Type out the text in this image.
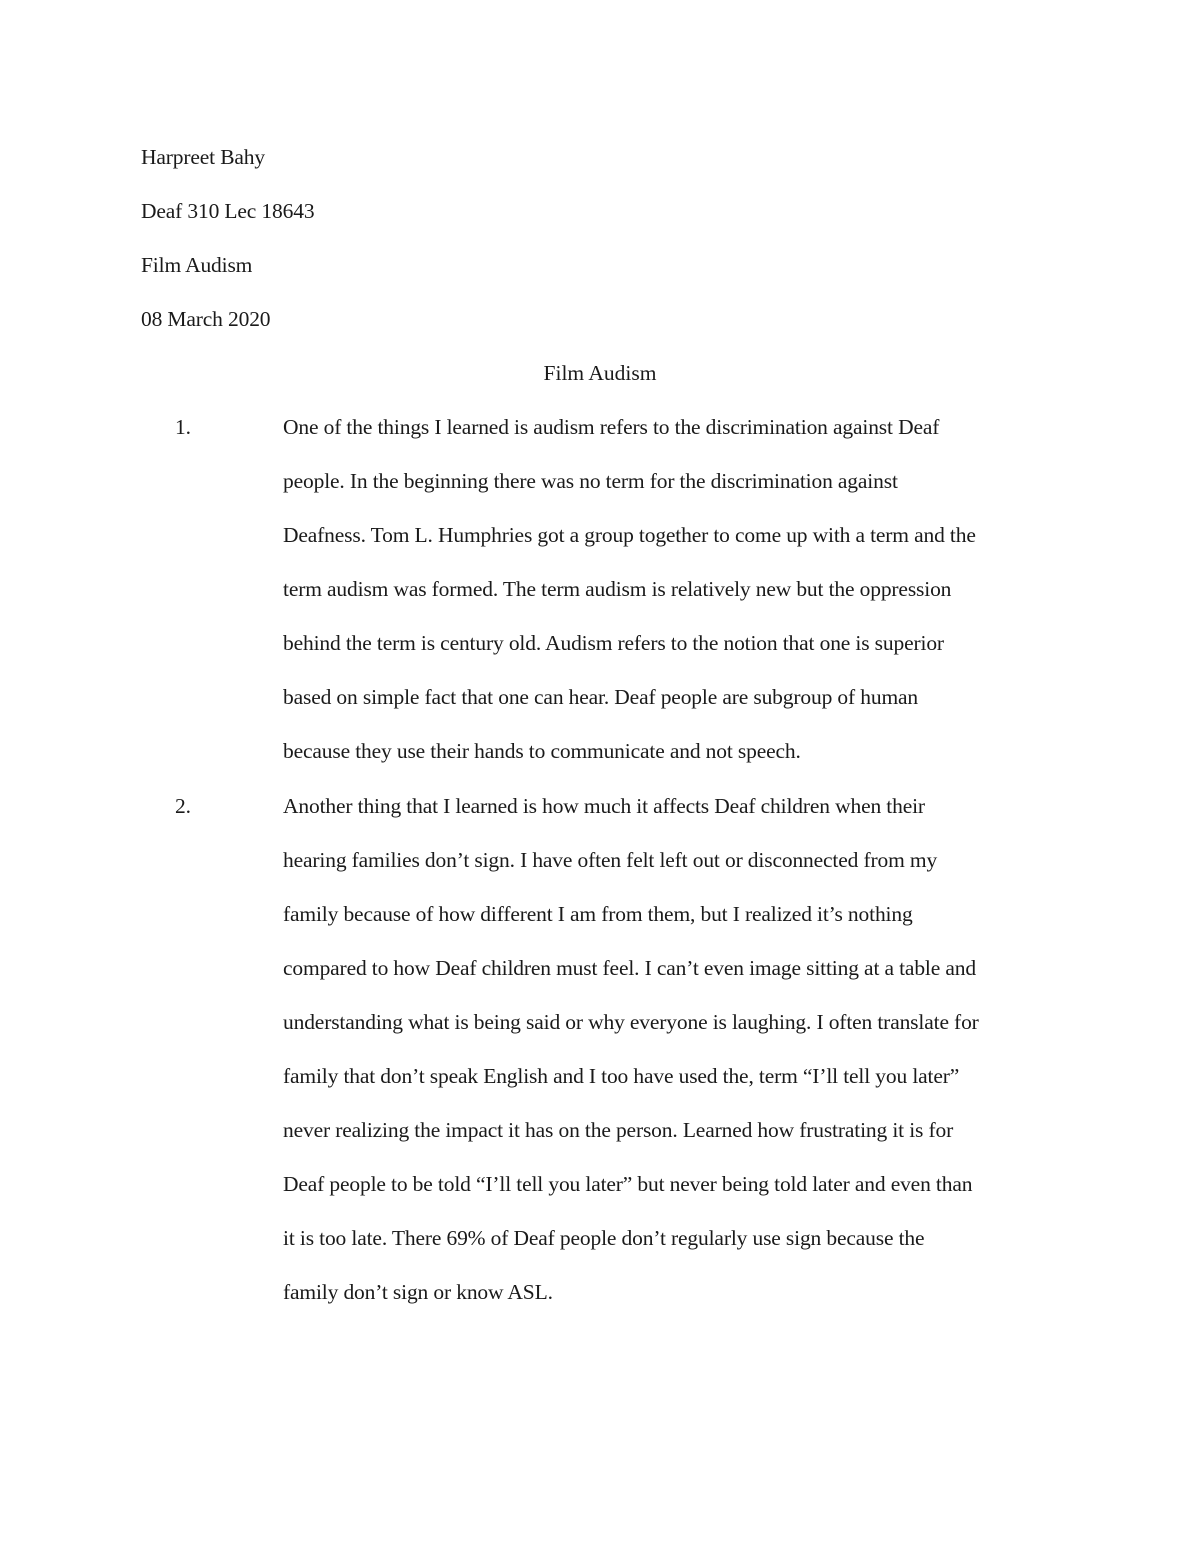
Harpreet Bahy
Deaf 310 Lec 18643
Film Audism
08 March 2020
Film Audism
1.	One of the things I learned is audism refers to the discrimination against Deaf
people. In the beginning there was no term for the discrimination against
Deafness. Tom L. Humphries got a group together to come up with a term and the
term audism was formed. The term audism is relatively new but the oppression
behind the term is century old. Audism refers to the notion that one is superior
based on simple fact that one can hear. Deaf people are subgroup of human
because they use their hands to communicate and not speech.
2.	Another thing that I learned is how much it affects Deaf children when their
hearing families don’t sign. I have often felt left out or disconnected from my
family because of how different I am from them, but I realized it’s nothing
compared to how Deaf children must feel. I can’t even image sitting at a table and
understanding what is being said or why everyone is laughing. I often translate for
family that don’t speak English and I too have used the, term “I’ll tell you later”
never realizing the impact it has on the person. Learned how frustrating it is for
Deaf people to be told “I’ll tell you later” but never being told later and even than
it is too late. There 69% of Deaf people don’t regularly use sign because the
family don’t sign or know ASL.
